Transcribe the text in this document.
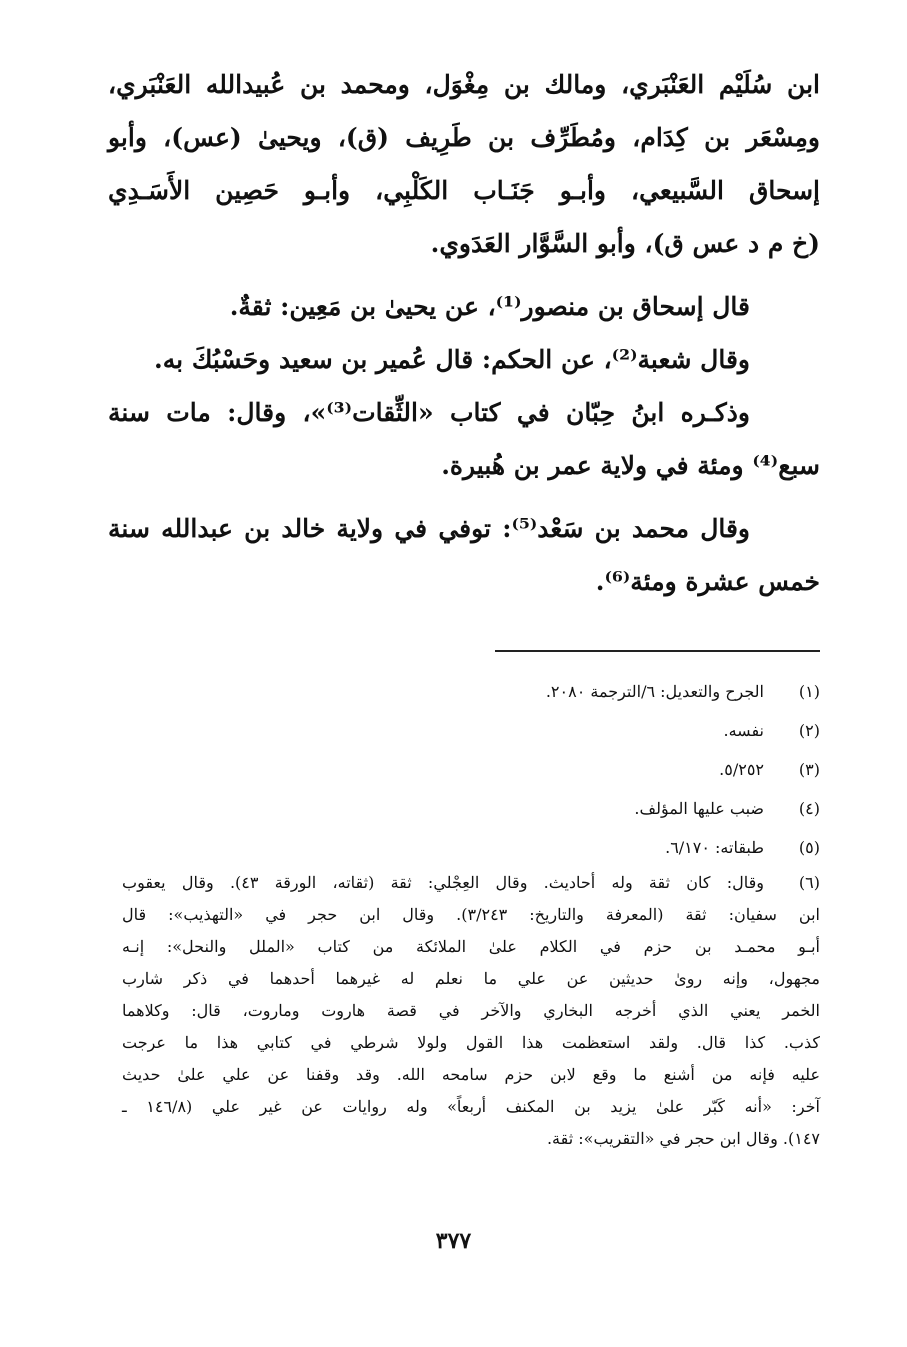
ابن سُلَيْم العَنْبَري، ومالك بن مِغْوَل، ومحمد بن عُبيدالله العَنْبَري،
ومِسْعَر بن كِدَام، ومُطَرِّف بن طَرِيف (ق)، ويحيىٰ (عس)، وأبو
إسحاق السَّبيعي، وأبـو جَنَـاب الكَلْبِي، وأبـو حَصِين الأَسَـدِي
(خ م د عس ق)، وأبو السَّوَّار العَدَوي.
قال إسحاق بن منصور⁽¹⁾، عن يحيىٰ بن مَعِين: ثقةٌ.
وقال شعبة⁽²⁾، عن الحكم: قال عُمير بن سعيد وحَسْبُكَ به.
وذكـره ابنُ حِبّان في كتاب «الثِّقات⁽³⁾»، وقال: مات سنة
سبع⁽⁴⁾ ومئة في ولاية عمر بن هُبيرة.
وقال محمد بن سَعْد⁽⁵⁾: توفي في ولاية خالد بن عبدالله سنة
خمس عشرة ومئة⁽⁶⁾.
(١)
الجرح والتعديل: ٦/الترجمة ٢٠٨٠.
(٢)
نفسه.
(٣)
٥/٢٥٢.
(٤)
ضبب عليها المؤلف.
(٥)
طبقاته: ٦/١٧٠.
(٦)
وقال: كان ثقة وله أحاديث. وقال العِجْلي: ثقة (ثقاته، الورقة ٤٣). وقال يعقوب
ابن سفيان: ثقة (المعرفة والتاريخ: ٣/٢٤٣). وقال ابن حجر في «التهذيب»: قال
أبـو محمـد بن حزم في الكلام علىٰ الملائكة من كتاب «الملل والنحل»: إنـه
مجهول، وإنه روىٰ حديثين عن علي ما نعلم له غيرهما أحدهما في ذكر شارب
الخمر يعني الذي أخرجه البخاري والآخر في قصة هاروت وماروت، قال: وكلاهما
كذب. كذا قال. ولقد استعظمت هذا القول ولولا شرطي في كتابي هذا ما عرجت
عليه فإنه من أشنع ما وقع لابن حزم سامحه الله. وقد وقفنا عن علي علىٰ حديث
آخر: «أنه كَبّر علىٰ يزيد بن المكنف أربعاً» وله روايات عن غير علي (١٤٦/٨ ـ
١٤٧). وقال ابن حجر في «التقريب»: ثقة.
٣٧٧
